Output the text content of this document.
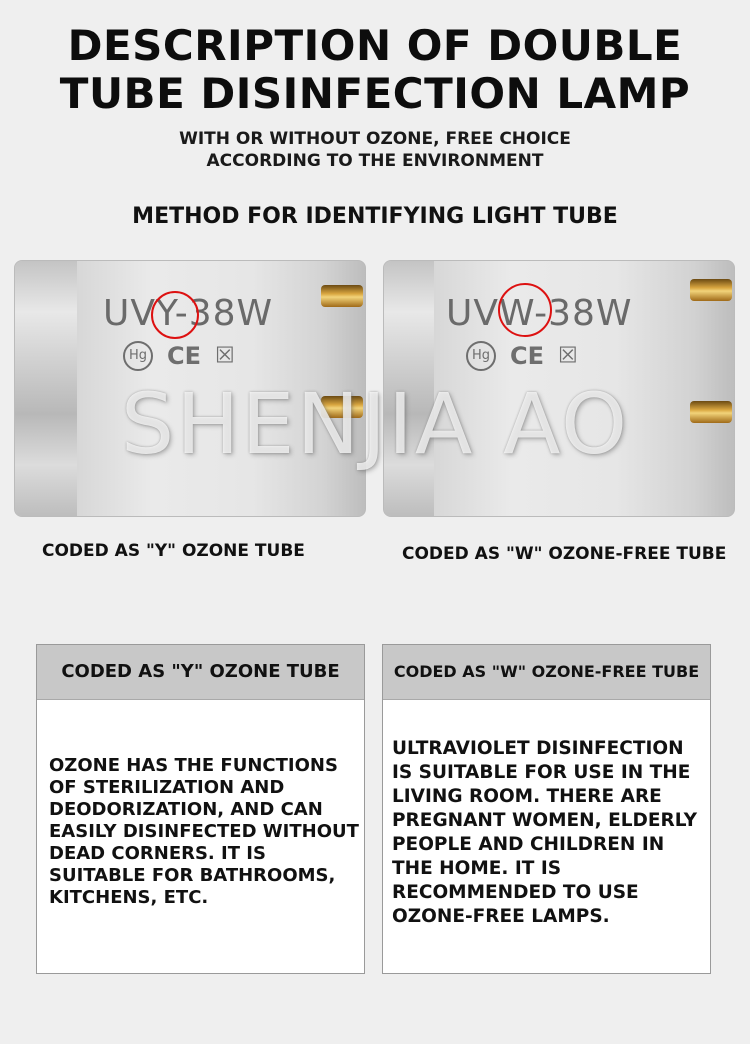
DESCRIPTION OF DOUBLE
TUBE DISINFECTION LAMP
WITH OR WITHOUT OZONE, FREE CHOICE
ACCORDING TO THE ENVIRONMENT
METHOD FOR IDENTIFYING LIGHT TUBE
UVY-38W
Hg CE ☒
UVW-38W
Hg CE ☒
SHENJIA AO
CODED AS "Y" OZONE TUBE	CODED AS "W" OZONE-FREE TUBE
CODED AS "Y" OZONE TUBE
OZONE HAS THE FUNCTIONS
OF STERILIZATION AND
DEODORIZATION, AND CAN
EASILY DISINFECTED WITHOUT
DEAD CORNERS. IT IS
SUITABLE FOR BATHROOMS,
KITCHENS, ETC.
CODED AS "W" OZONE-FREE TUBE
ULTRAVIOLET DISINFECTION
IS SUITABLE FOR USE IN THE
LIVING ROOM. THERE ARE
PREGNANT WOMEN, ELDERLY
PEOPLE AND CHILDREN IN
THE HOME. IT IS
RECOMMENDED TO USE
OZONE-FREE LAMPS.
